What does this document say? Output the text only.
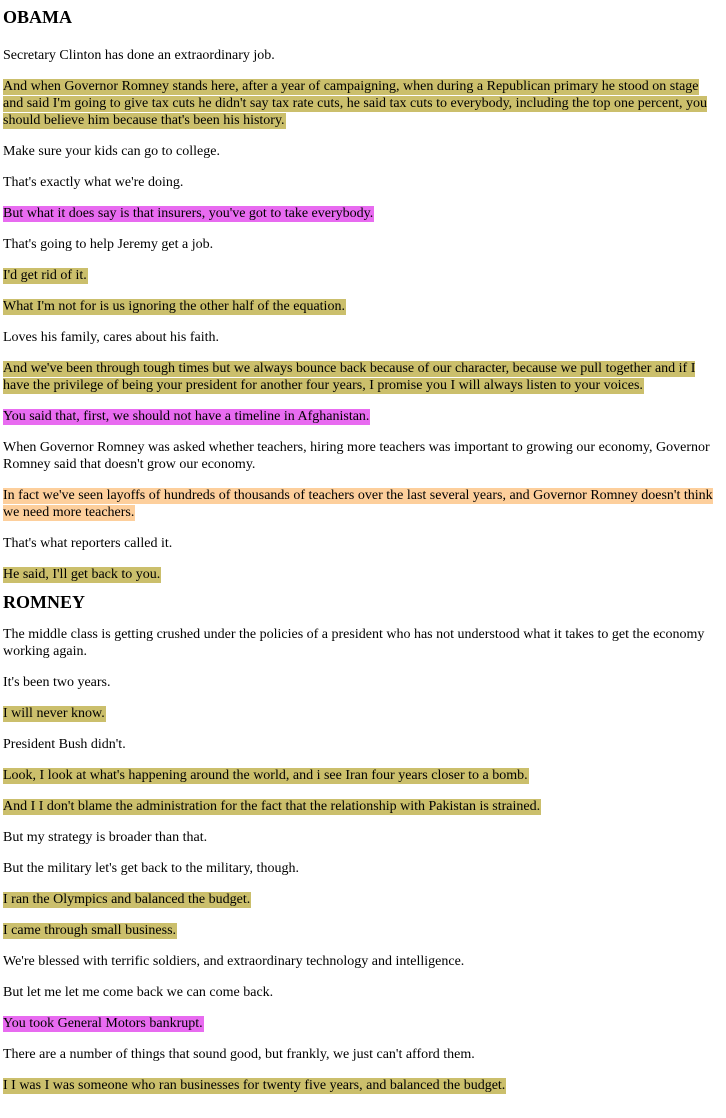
OBAMA

Secretary Clinton has done an extraordinary job.

And when Governor Romney stands here, after a year of campaigning, when during a Republican primary he stood on stage and said I'm going to give tax cuts he didn't say tax rate cuts, he said tax cuts to everybody, including the top one percent, you should believe him because that's been his history.

Make sure your kids can go to college.

That's exactly what we're doing.

But what it does say is that insurers, you've got to take everybody.

That's going to help Jeremy get a job.

I'd get rid of it.

What I'm not for is us ignoring the other half of the equation.

Loves his family, cares about his faith.

And we've been through tough times but we always bounce back because of our character, because we pull together and if I have the privilege of being your president for another four years, I promise you I will always listen to your voices.

You said that, first, we should not have a timeline in Afghanistan.

When Governor Romney was asked whether teachers, hiring more teachers was important to growing our economy, Governor Romney said that doesn't grow our economy.

In fact we've seen layoffs of hundreds of thousands of teachers over the last several years, and Governor Romney doesn't think we need more teachers.

That's what reporters called it.

He said, I'll get back to you.

ROMNEY

The middle class is getting crushed under the policies of a president who has not understood what it takes to get the economy working again.

It's been two years.

I will never know.

President Bush didn't.

Look, I look at what's happening around the world, and i see Iran four years closer to a bomb.

And I I don't blame the administration for the fact that the relationship with Pakistan is strained.

But my strategy is broader than that.

But the military let's get back to the military, though.

I ran the Olympics and balanced the budget.

I came through small business.

We're blessed with terrific soldiers, and extraordinary technology and intelligence.

But let me let me come back we can come back.

You took General Motors bankrupt.

There are a number of things that sound good, but frankly, we just can't afford them.

I I was I was someone who ran businesses for twenty five years, and balanced the budget.
